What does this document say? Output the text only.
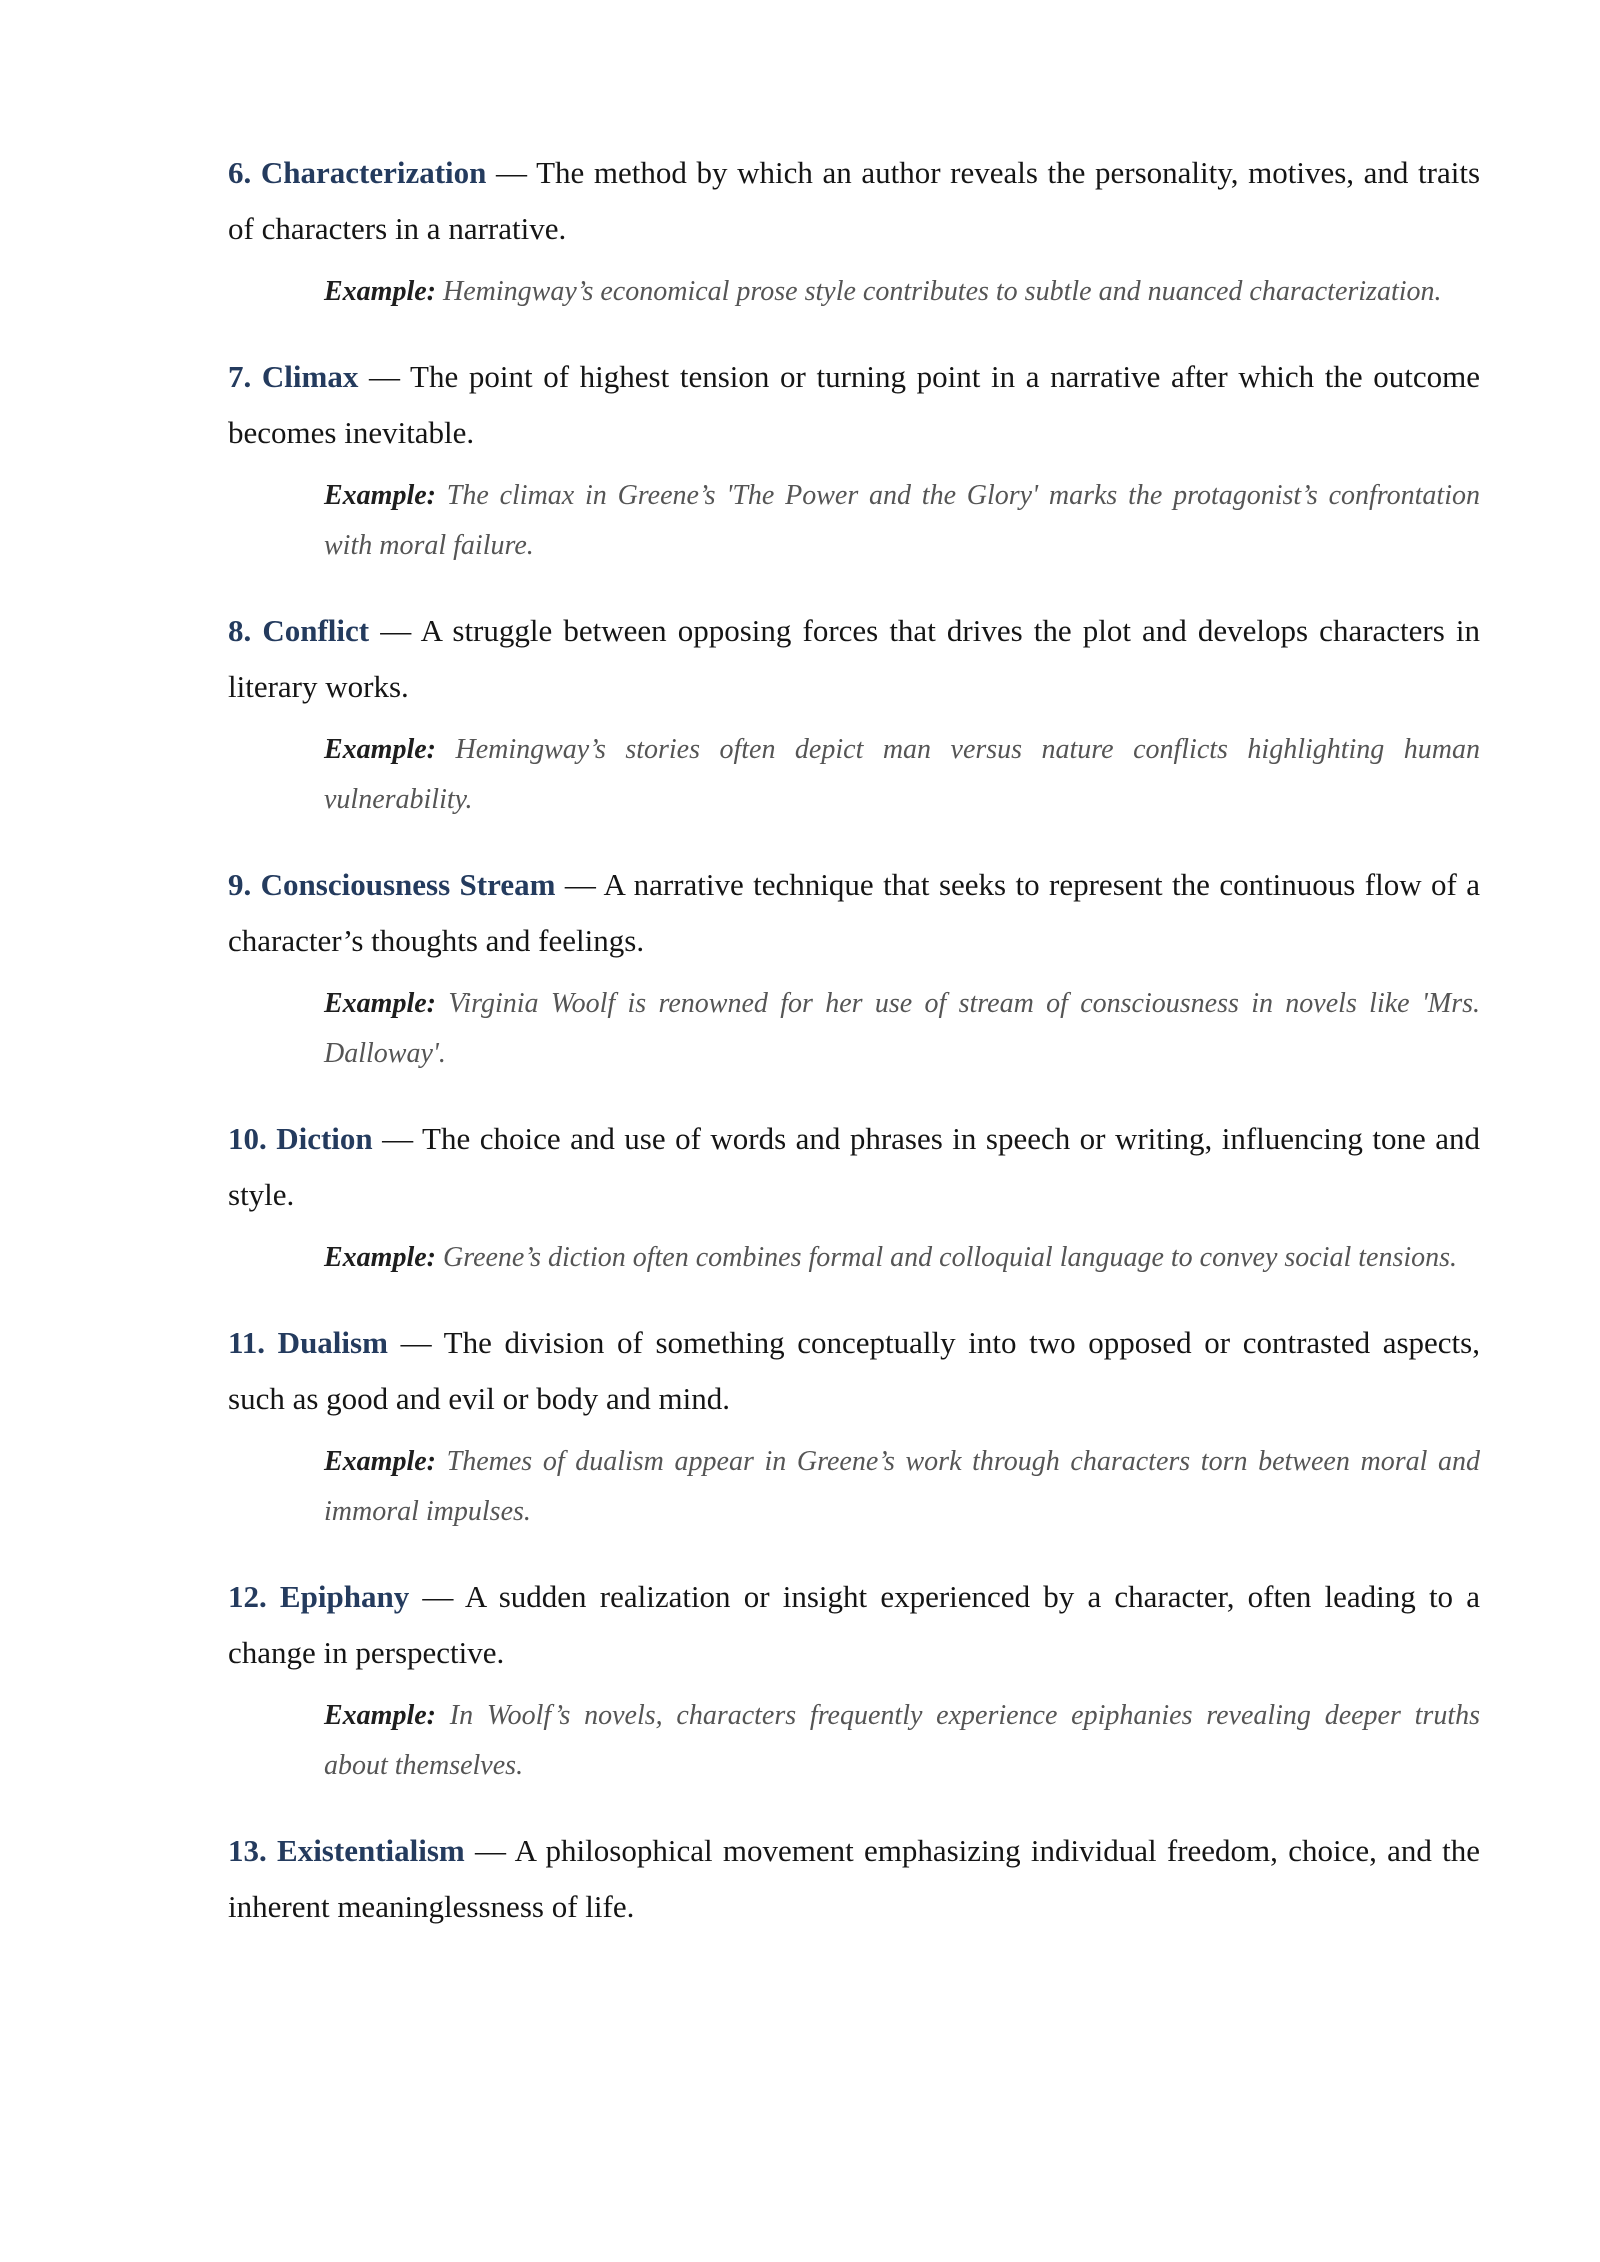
6. Characterization — The method by which an author reveals the personality, motives, and traits of characters in a narrative.

Example: Hemingway’s economical prose style contributes to subtle and nuanced characterization.

7. Climax — The point of highest tension or turning point in a narrative after which the outcome becomes inevitable.

Example: The climax in Greene’s 'The Power and the Glory' marks the protagonist’s confrontation with moral failure.

8. Conflict — A struggle between opposing forces that drives the plot and develops characters in literary works.

Example: Hemingway’s stories often depict man versus nature conflicts highlighting human vulnerability.

9. Consciousness Stream — A narrative technique that seeks to represent the continuous flow of a character’s thoughts and feelings.

Example: Virginia Woolf is renowned for her use of stream of consciousness in novels like 'Mrs. Dalloway'.

10. Diction — The choice and use of words and phrases in speech or writing, influencing tone and style.

Example: Greene’s diction often combines formal and colloquial language to convey social tensions.

11. Dualism — The division of something conceptually into two opposed or contrasted aspects, such as good and evil or body and mind.

Example: Themes of dualism appear in Greene’s work through characters torn between moral and immoral impulses.

12. Epiphany — A sudden realization or insight experienced by a character, often leading to a change in perspective.

Example: In Woolf’s novels, characters frequently experience epiphanies revealing deeper truths about themselves.

13. Existentialism — A philosophical movement emphasizing individual freedom, choice, and the inherent meaninglessness of life.
